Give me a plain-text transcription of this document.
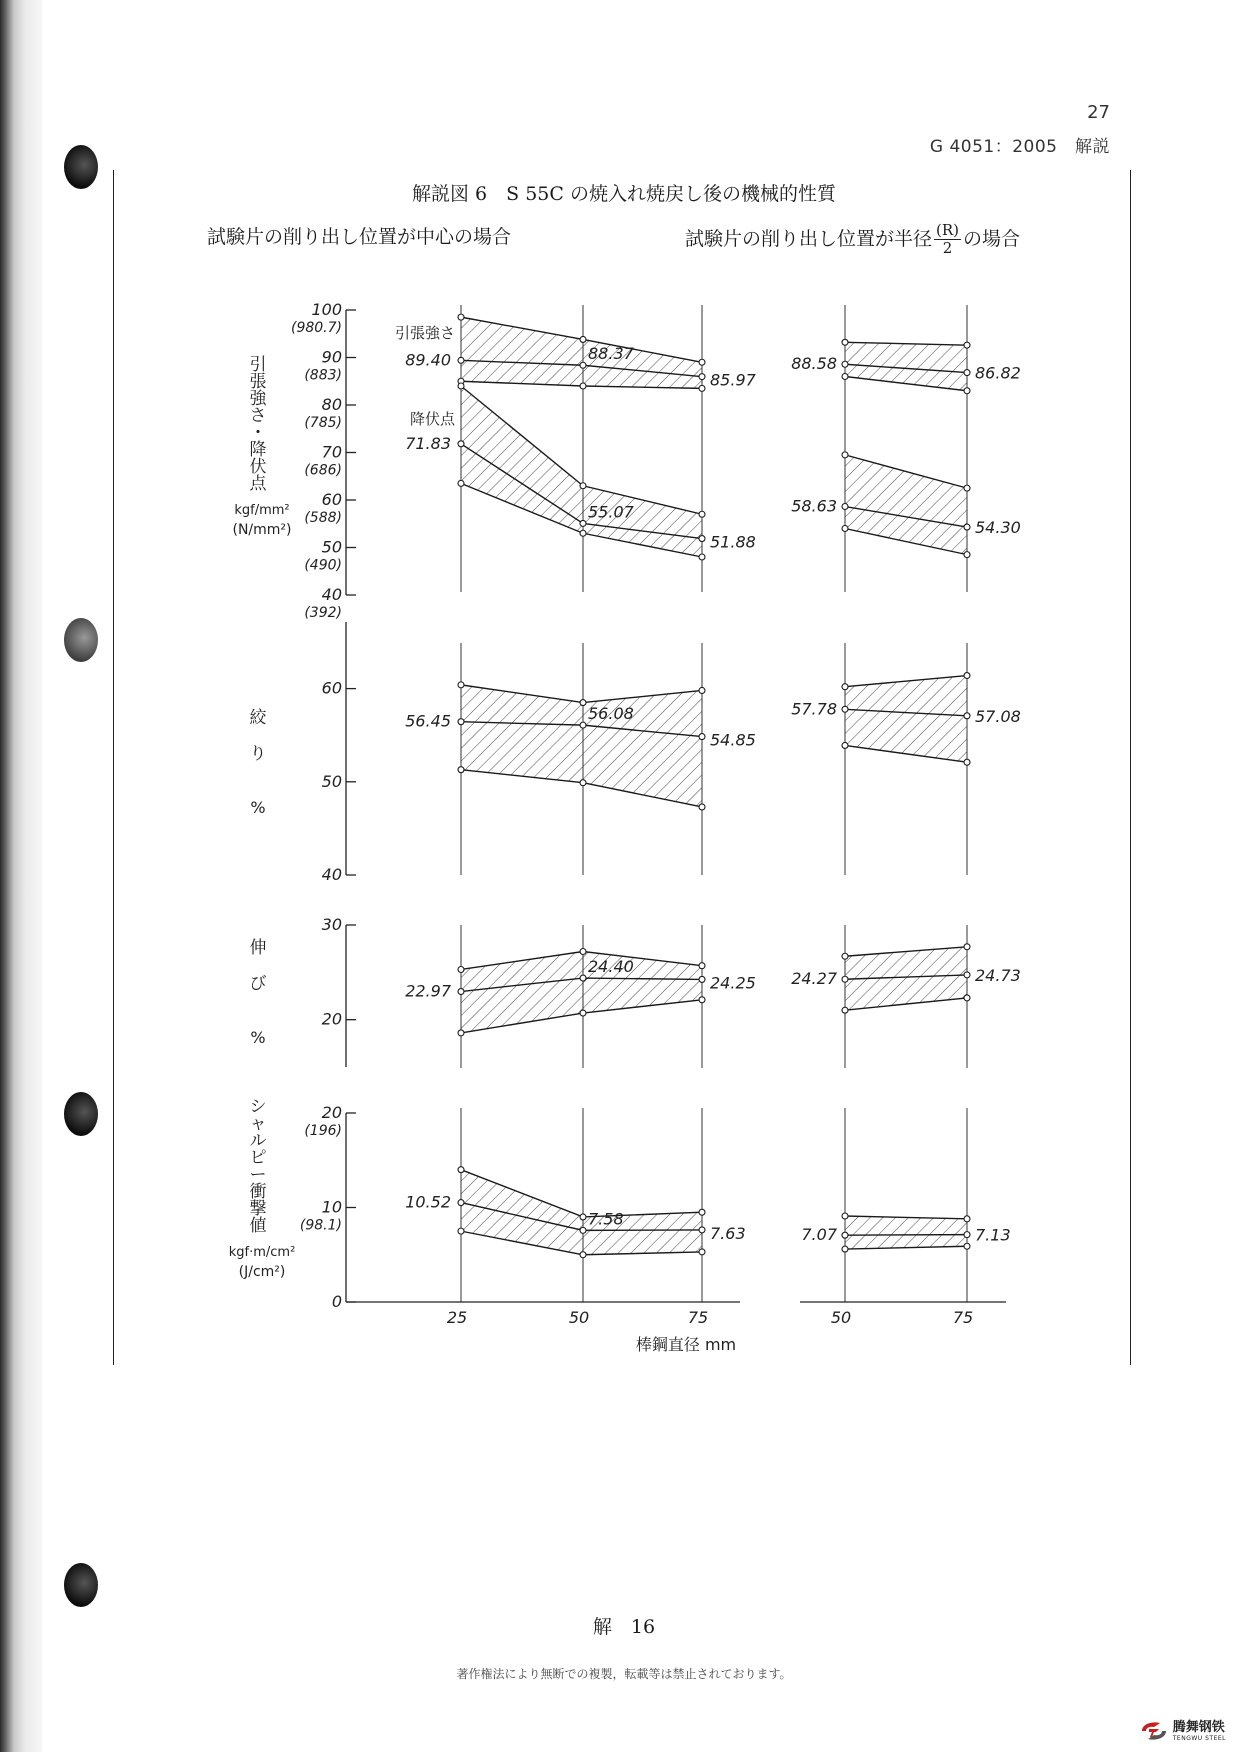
27
G 4051：2005　解説
解説図 6　S 55C の焼入れ焼戻し後の機械的性質
試験片の削り出し位置が中心の場合	試験片の削り出し位置が半径 $\frac{(R)}{2}$ の場合
100
(980.7)
90
(883)
80
(785)
70
(686)
60
(588)
50
(490)
40
(392)
引
張
強
さ
・
降
伏
点
kgf/mm²
(N/mm²)
89.40	88.37
85.97
88.58	86.82
71.83
55.07
51.88
58.63
54.30
引張強さ
降伏点
60
50
40
絞
り
%
56.45	56.08
54.85
57.78	57.08
30
20
伸
び
%
22.97
24.40
24.25 24.27	24.73
20
(196)
10
(98.1)
0
シ
ャ
ル
ピ
ー
衝
撃
値
kgf·m/cm²
(J/cm²)
10.52
7.58
7.63	7.07	7.13
25	50	75	50	75
棒鋼直径 mm
解　16
著作権法により無断での複製，転載等は禁止されております。
腾舞钢铁
TENGWU STEEL
